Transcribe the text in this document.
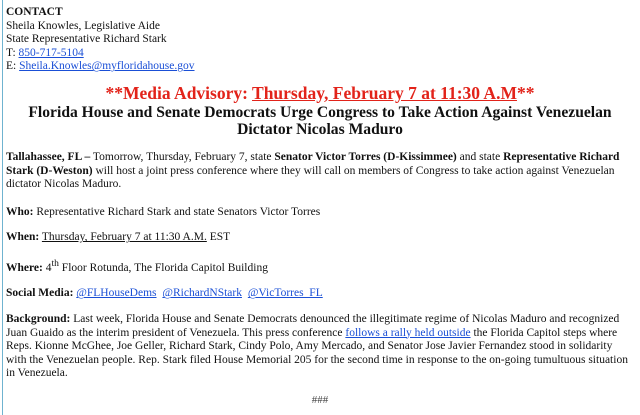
CONTACT
Sheila Knowles, Legislative Aide
State Representative Richard Stark
T: 850-717-5104
E: Sheila.Knowles@myfloridahouse.gov
**Media Advisory: Thursday, February 7 at 11:30 A.M**
Florida House and Senate Democrats Urge Congress to Take Action Against Venezuelan Dictator Nicolas Maduro

Tallahassee, FL – Tomorrow, Thursday, February 7, state Senator Victor Torres (D-Kissimmee) and state Representative Richard Stark (D-Weston) will host a joint press conference where they will call on members of Congress to take action against Venezuelan dictator Nicolas Maduro.

Who: Representative Richard Stark and state Senators Victor Torres

When: Thursday, February 7 at 11:30 A.M. EST

Where: 4th Floor Rotunda, The Florida Capitol Building

Social Media: @FLHouseDems @RichardNStark @VicTorres_FL

Background: Last week, Florida House and Senate Democrats denounced the illegitimate regime of Nicolas Maduro and recognized Juan Guaido as the interim president of Venezuela. This press conference follows a rally held outside the Florida Capitol steps where Reps. Kionne McGhee, Joe Geller, Richard Stark, Cindy Polo, Amy Mercado, and Senator Jose Javier Fernandez stood in solidarity with the Venezuelan people. Rep. Stark filed House Memorial 205 for the second time in response to the on-going tumultuous situation in Venezuela.

###
